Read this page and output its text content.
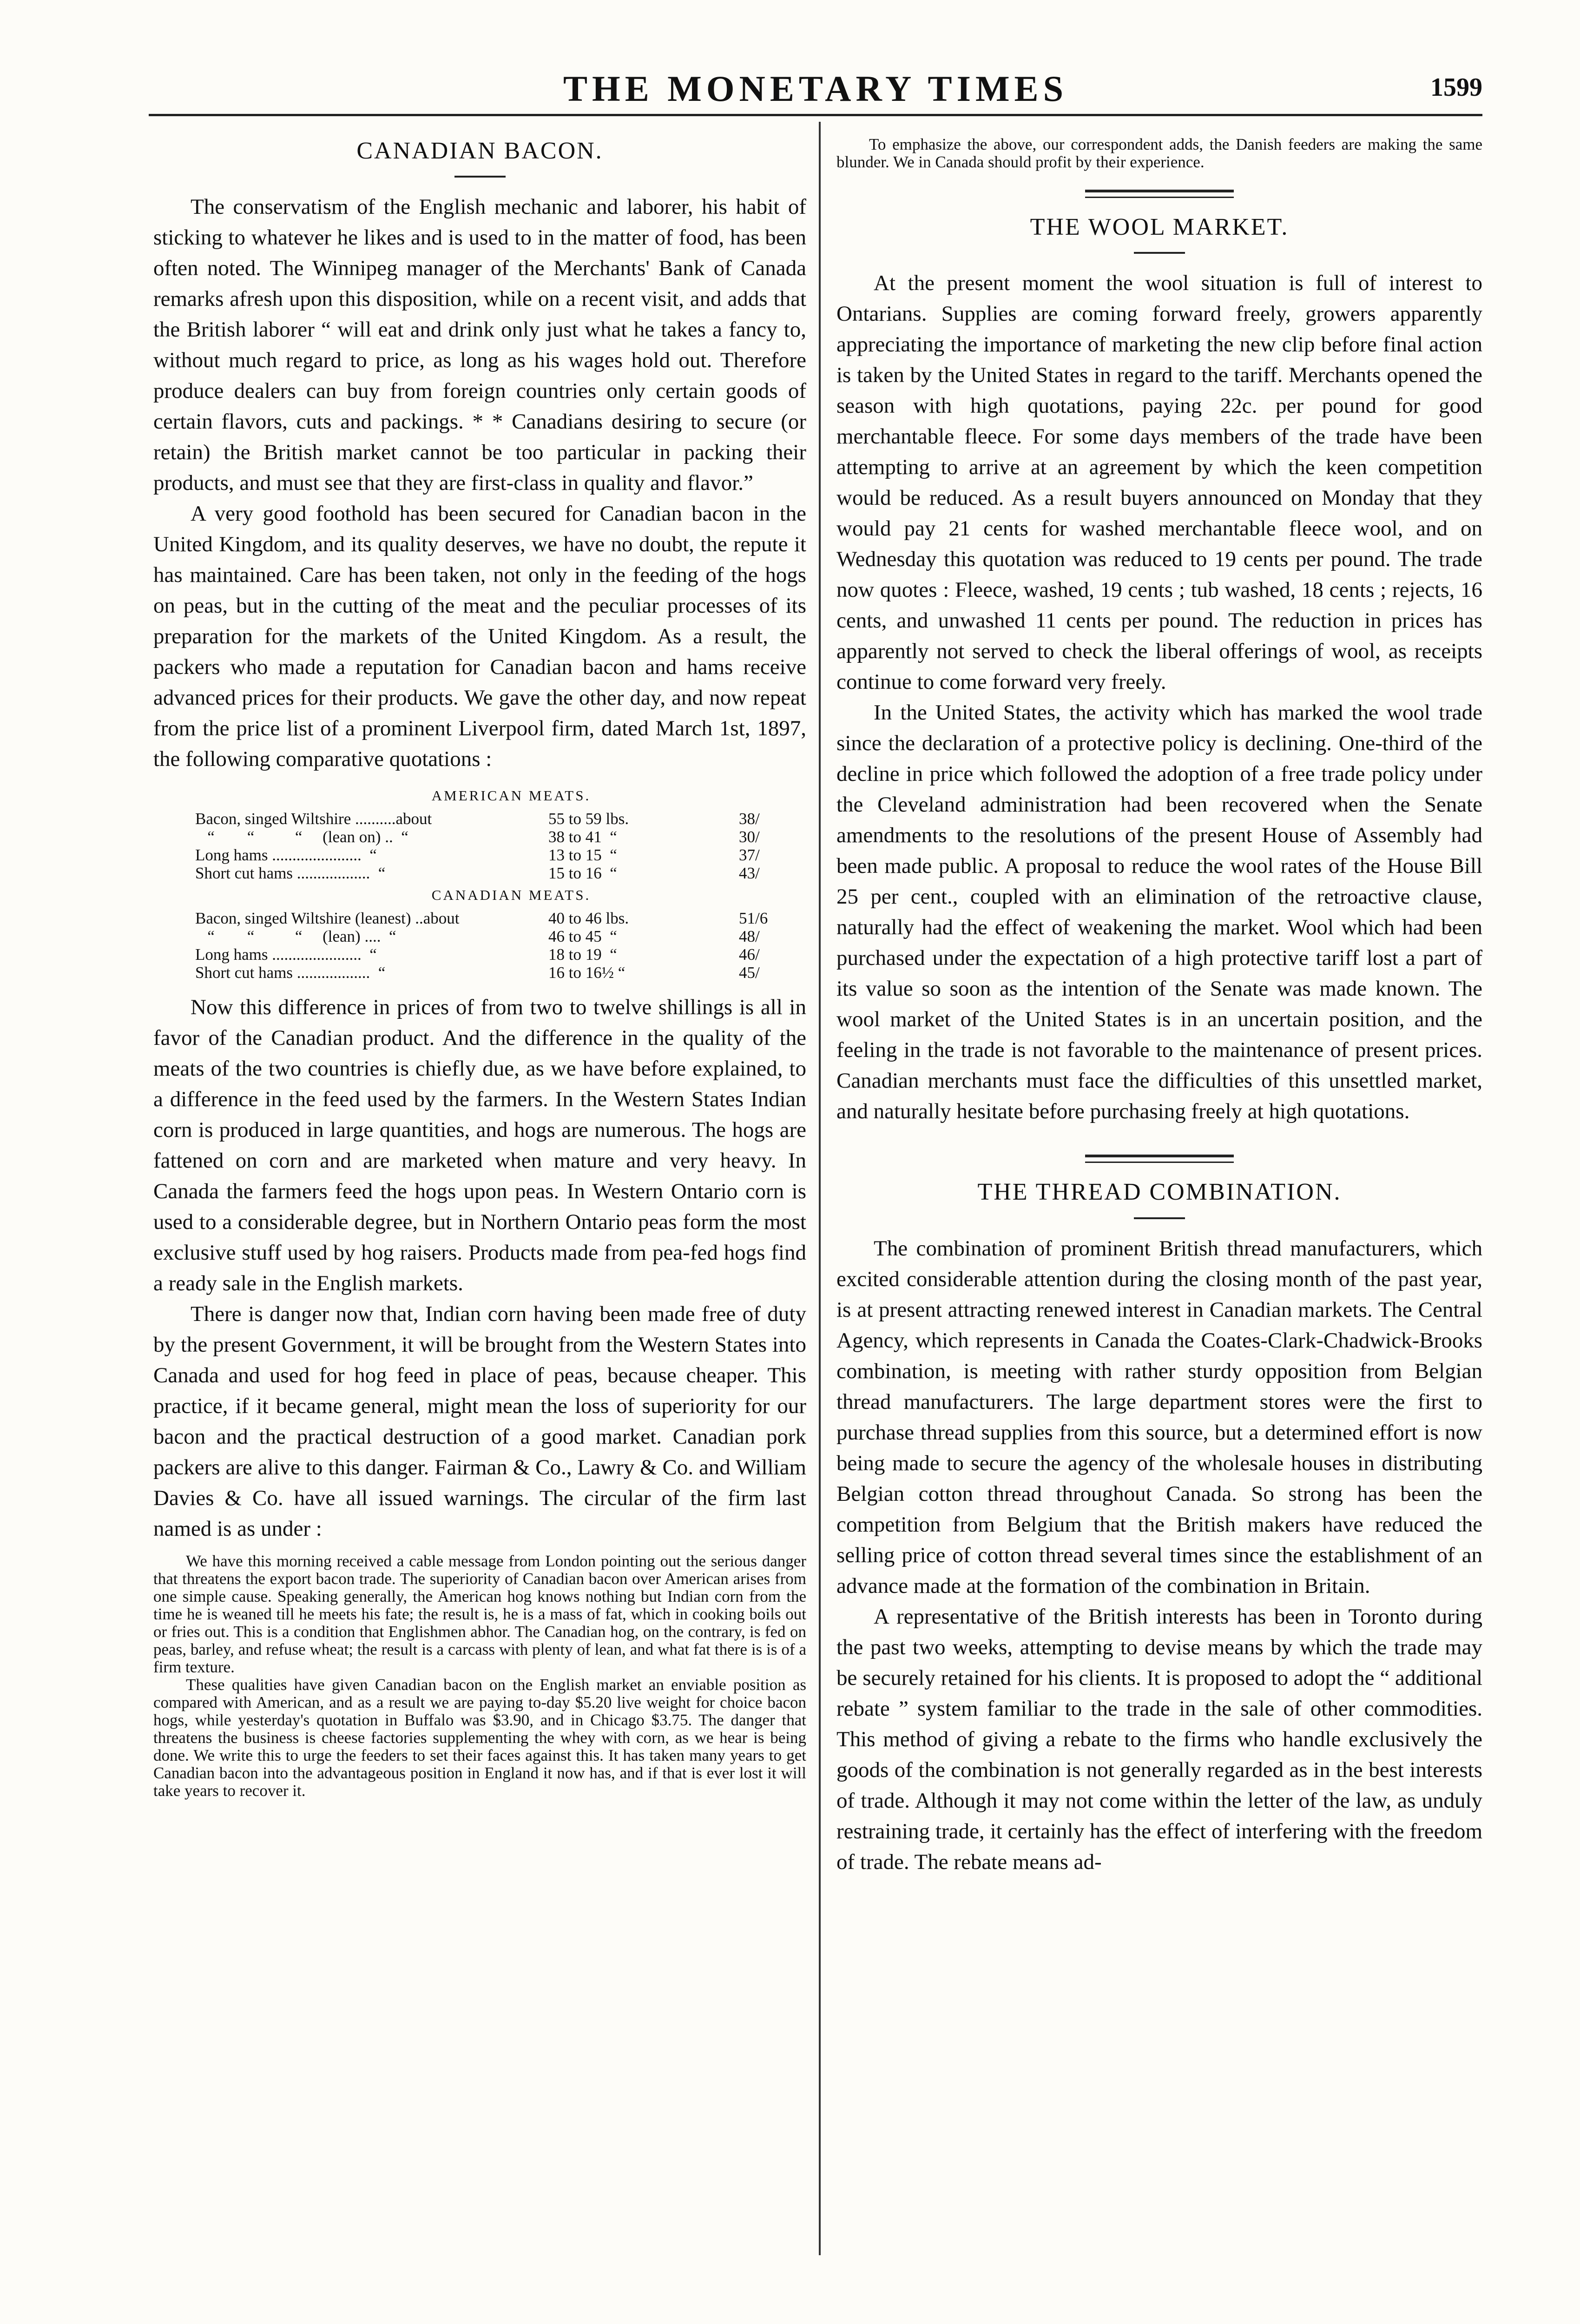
THE MONETARY TIMES	1599
CANADIAN BACON.

The conservatism of the English mechanic and laborer, his habit of sticking to whatever he likes and is used to in the matter of food, has been often noted. The Winnipeg manager of the Merchants' Bank of Canada remarks afresh upon this disposition, while on a recent visit, and adds that the British laborer “ will eat and drink only just what he takes a fancy to, without much regard to price, as long as his wages hold out. Therefore produce dealers can buy from foreign countries only certain goods of certain flavors, cuts and packings. * * Canadians desiring to secure (or retain) the British market cannot be too particular in packing their products, and must see that they are first-class in quality and flavor.”

A very good foothold has been secured for Canadian bacon in the United Kingdom, and its quality deserves, we have no doubt, the repute it has maintained. Care has been taken, not only in the feeding of the hogs on peas, but in the cutting of the meat and the peculiar processes of its preparation for the markets of the United Kingdom. As a result, the packers who made a reputation for Canadian bacon and hams receive advanced prices for their products. We gave the other day, and now repeat from the price list of a prominent Liverpool firm, dated March 1st, 1897, the following comparative quotations :

AMERICAN MEATS.
Bacon, singed Wiltshire ..........about	55 to 59 lbs.	38/
“        “          “     (lean on) ..  “	38 to 41  “	30/
Long hams ......................  “	13 to 15  “	37/
Short cut hams ..................  “	15 to 16  “	43/
CANADIAN MEATS.
Bacon, singed Wiltshire (leanest) ..about	40 to 46 lbs.	51/6
“        “          “     (lean) ....  “	46 to 45  “	48/
Long hams ......................  “	18 to 19  “	46/
Short cut hams ..................  “	16 to 16½ “	45/

Now this difference in prices of from two to twelve shillings is all in favor of the Canadian product. And the difference in the quality of the meats of the two countries is chiefly due, as we have before explained, to a difference in the feed used by the farmers. In the Western States Indian corn is produced in large quantities, and hogs are numerous. The hogs are fattened on corn and are marketed when mature and very heavy. In Canada the farmers feed the hogs upon peas. In Western Ontario corn is used to a considerable degree, but in Northern Ontario peas form the most exclusive stuff used by hog raisers. Products made from pea-fed hogs find a ready sale in the English markets.

There is danger now that, Indian corn having been made free of duty by the present Government, it will be brought from the Western States into Canada and used for hog feed in place of peas, because cheaper. This practice, if it became general, might mean the loss of superiority for our bacon and the practical destruction of a good market. Canadian pork packers are alive to this danger. Fairman & Co., Lawry & Co. and William Davies & Co. have all issued warnings. The circular of the firm last named is as under :

We have this morning received a cable message from London pointing out the serious danger that threatens the export bacon trade. The superiority of Canadian bacon over American arises from one simple cause. Speaking generally, the American hog knows nothing but Indian corn from the time he is weaned till he meets his fate; the result is, he is a mass of fat, which in cooking boils out or fries out. This is a condition that Englishmen abhor. The Canadian hog, on the contrary, is fed on peas, barley, and refuse wheat; the result is a carcass with plenty of lean, and what fat there is is of a firm texture.

These qualities have given Canadian bacon on the English market an enviable position as compared with American, and as a result we are paying to-day $5.20 live weight for choice bacon hogs, while yesterday's quotation in Buffalo was $3.90, and in Chicago $3.75. The danger that threatens the business is cheese factories supplementing the whey with corn, as we hear is being done. We write this to urge the feeders to set their faces against this. It has taken many years to get Canadian bacon into the advantageous position in England it now has, and if that is ever lost it will take years to recover it.

To emphasize the above, our correspondent adds, the Danish feeders are making the same blunder. We in Canada should profit by their experience.

THE WOOL MARKET.

At the present moment the wool situation is full of interest to Ontarians. Supplies are coming forward freely, growers apparently appreciating the importance of marketing the new clip before final action is taken by the United States in regard to the tariff. Merchants opened the season with high quotations, paying 22c. per pound for good merchantable fleece. For some days members of the trade have been attempting to arrive at an agreement by which the keen competition would be reduced. As a result buyers announced on Monday that they would pay 21 cents for washed merchantable fleece wool, and on Wednesday this quotation was reduced to 19 cents per pound. The trade now quotes : Fleece, washed, 19 cents ; tub washed, 18 cents ; rejects, 16 cents, and unwashed 11 cents per pound. The reduction in prices has apparently not served to check the liberal offerings of wool, as receipts continue to come forward very freely.

In the United States, the activity which has marked the wool trade since the declaration of a protective policy is declining. One-third of the decline in price which followed the adoption of a free trade policy under the Cleveland administration had been recovered when the Senate amendments to the resolutions of the present House of Assembly had been made public. A proposal to reduce the wool rates of the House Bill 25 per cent., coupled with an elimination of the retroactive clause, naturally had the effect of weakening the market. Wool which had been purchased under the expectation of a high protective tariff lost a part of its value so soon as the intention of the Senate was made known. The wool market of the United States is in an uncertain position, and the feeling in the trade is not favorable to the maintenance of present prices. Canadian merchants must face the difficulties of this unsettled market, and naturally hesitate before purchasing freely at high quotations.

THE THREAD COMBINATION.

The combination of prominent British thread manufacturers, which excited considerable attention during the closing month of the past year, is at present attracting renewed interest in Canadian markets. The Central Agency, which represents in Canada the Coates-Clark-Chadwick-Brooks combination, is meeting with rather sturdy opposition from Belgian thread manufacturers. The large department stores were the first to purchase thread supplies from this source, but a determined effort is now being made to secure the agency of the wholesale houses in distributing Belgian cotton thread throughout Canada. So strong has been the competition from Belgium that the British makers have reduced the selling price of cotton thread several times since the establishment of an advance made at the formation of the combination in Britain.

A representative of the British interests has been in Toronto during the past two weeks, attempting to devise means by which the trade may be securely retained for his clients. It is proposed to adopt the “ additional rebate ” system familiar to the trade in the sale of other commodities. This method of giving a rebate to the firms who handle exclusively the goods of the combination is not generally regarded as in the best interests of trade. Although it may not come within the letter of the law, as unduly restraining trade, it certainly has the effect of interfering with the freedom of trade. The rebate means ad-
